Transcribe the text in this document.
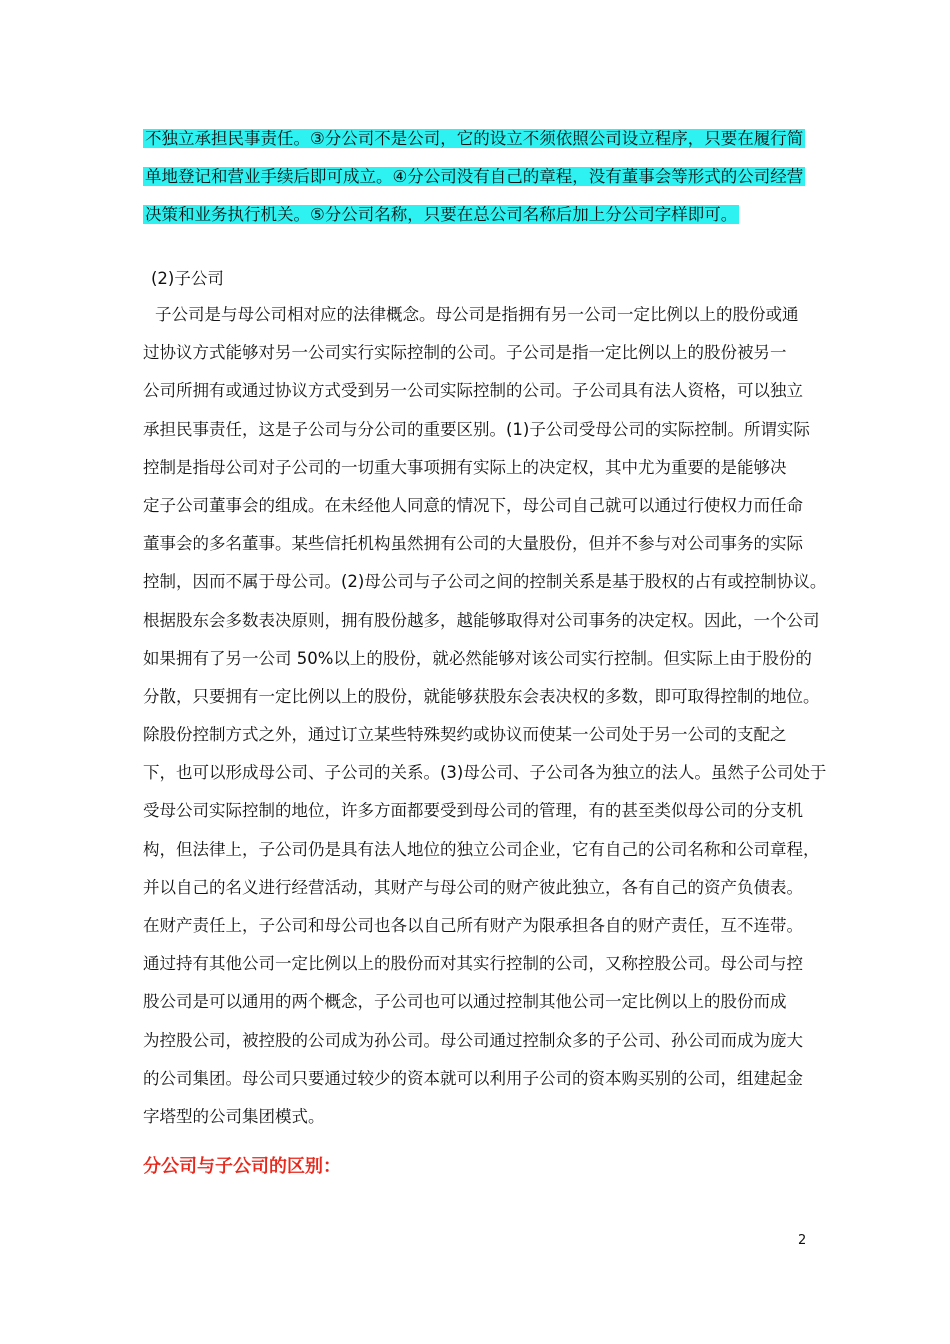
不独立承担民事责任。③分公司不是公司，它的设立不须依照公司设立程序，只要在履行简
单地登记和营业手续后即可成立。④分公司没有自己的章程，没有董事会等形式的公司经营
决策和业务执行机关。⑤分公司名称，只要在总公司名称后加上分公司字样即可。
(2)子公司
子公司是与母公司相对应的法律概念。母公司是指拥有另一公司一定比例以上的股份或通
过协议方式能够对另一公司实行实际控制的公司。子公司是指一定比例以上的股份被另一
公司所拥有或通过协议方式受到另一公司实际控制的公司。子公司具有法人资格，可以独立
承担民事责任，这是子公司与分公司的重要区别。(1)子公司受母公司的实际控制。所谓实际
控制是指母公司对子公司的一切重大事项拥有实际上的决定权，其中尤为重要的是能够决
定子公司董事会的组成。在未经他人同意的情况下，母公司自己就可以通过行使权力而任命
董事会的多名董事。某些信托机构虽然拥有公司的大量股份，但并不参与对公司事务的实际
控制，因而不属于母公司。(2)母公司与子公司之间的控制关系是基于股权的占有或控制协议。
根据股东会多数表决原则，拥有股份越多，越能够取得对公司事务的决定权。因此，一个公司
如果拥有了另一公司 50%以上的股份，就必然能够对该公司实行控制。但实际上由于股份的
分散，只要拥有一定比例以上的股份，就能够获股东会表决权的多数，即可取得控制的地位。
除股份控制方式之外，通过订立某些特殊契约或协议而使某一公司处于另一公司的支配之
下，也可以形成母公司、子公司的关系。(3)母公司、子公司各为独立的法人。虽然子公司处于
受母公司实际控制的地位，许多方面都要受到母公司的管理，有的甚至类似母公司的分支机
构，但法律上，子公司仍是具有法人地位的独立公司企业，它有自己的公司名称和公司章程，
并以自己的名义进行经营活动，其财产与母公司的财产彼此独立，各有自己的资产负债表。
在财产责任上，子公司和母公司也各以自己所有财产为限承担各自的财产责任，互不连带。
通过持有其他公司一定比例以上的股份而对其实行控制的公司，又称控股公司。母公司与控
股公司是可以通用的两个概念，子公司也可以通过控制其他公司一定比例以上的股份而成
为控股公司，被控股的公司成为孙公司。母公司通过控制众多的子公司、孙公司而成为庞大
的公司集团。母公司只要通过较少的资本就可以利用子公司的资本购买别的公司，组建起金
字塔型的公司集团模式。
分公司与子公司的区别：
2
